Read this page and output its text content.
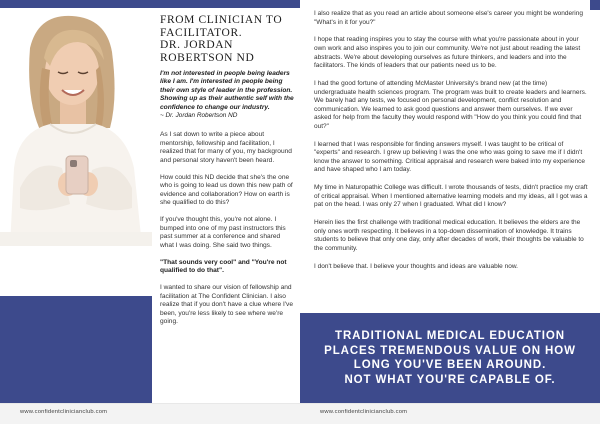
FROM CLINICIAN TO
FACILITATOR.
DR. JORDAN
ROBERTSON ND

I'm not interested in people being leaders like I am. I'm interested in people being their own style of leader in the profession. Showing up as their authentic self with the confidence to change our industry.

~ Dr. Jordan Robertson ND

As I sat down to write a piece about mentorship, fellowship and facilitation, I realized that for many of you, my background and personal story haven't been heard.

How could this ND decide that she's the one who is going to lead us down this new path of evidence and collaboration? How on earth is she qualified to do this?

If you've thought this, you're not alone. I bumped into one of my past instructors this past summer at a conference and shared what I was doing. She said two things.

"That sounds very cool" and "You're not qualified to do that".

I wanted to share our vision of fellowship and facilitation at The Confident Clinician. I also realize that if you don't have a clue where I've been, you're less likely to see where we're going.

www.confidentclinicianclub.com

I also realize that as you read an article about someone else's career you might be wondering "What's in it for you?"

I hope that reading inspires you to stay the course with what you're passionate about in your own work and also inspires you to join our community. We're not just about reading the latest abstracts. We're about developing ourselves as future thinkers, and leaders and into the facilitators. The kinds of leaders that our patients need us to be.

I had the good fortune of attending McMaster University's brand new (at the time) undergraduate health sciences program. The program was built to create leaders and learners. We barely had any tests, we focused on personal development, conflict resolution and communication. We learned to ask good questions and answer them ourselves. If we ever asked for help from the faculty they would respond with "How do you think you could find that out?"

I learned that I was responsible for finding answers myself. I was taught to be critical of "experts" and research. I grew up believing I was the one who was going to save me if I didn't know the answer to something. Critical appraisal and research were baked into my experience and have shaped who I am today.

My time in Naturopathic College was difficult. I wrote thousands of tests, didn't practice my craft of critical appraisal. When I mentioned alternative learning models and my ideas, all I got was a pat on the head. I was only 27 when I graduated. What did I know?

Herein lies the first challenge with traditional medical education. It believes the elders are the only ones worth respecting. It believes in a top-down dissemination of knowledge. It trains students to believe that only one day, only after decades of work, their thoughts be valuable to the community.

I don't believe that. I believe your thoughts and ideas are valuable now.

TRADITIONAL MEDICAL EDUCATION
PLACES TREMENDOUS VALUE ON HOW
LONG YOU'VE BEEN AROUND.
NOT WHAT YOU'RE CAPABLE OF.
www.confidentclinicianclub.com
